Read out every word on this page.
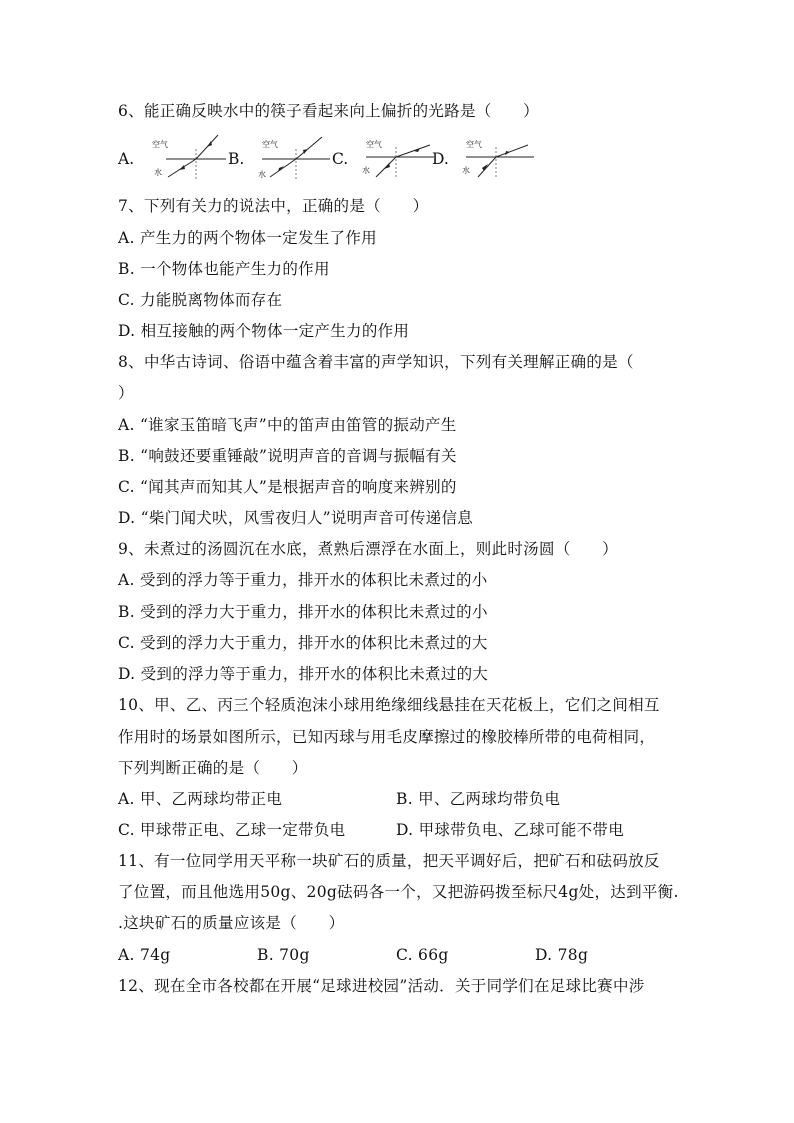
6、能正确反映水中的筷子看起来向上偏折的光路是（　　）
A.
空气
水
B.
空气
水
C.
空气
水
D.
空气
水
7、下列有关力的说法中，正确的是（　　）
A. 产生力的两个物体一定发生了作用
B. 一个物体也能产生力的作用
C. 力能脱离物体而存在
D. 相互接触的两个物体一定产生力的作用
8、中华古诗词、俗语中蕴含着丰富的声学知识，下列有关理解正确的是（
）
A. “谁家玉笛暗飞声”中的笛声由笛管的振动产生
B. “响鼓还要重锤敲”说明声音的音调与振幅有关
C. “闻其声而知其人”是根据声音的响度来辨别的
D. “柴门闻犬吠，风雪夜归人”说明声音可传递信息
9、未煮过的汤圆沉在水底，煮熟后漂浮在水面上，则此时汤圆（　　）
A. 受到的浮力等于重力，排开水的体积比未煮过的小
B. 受到的浮力大于重力，排开水的体积比未煮过的小
C. 受到的浮力大于重力，排开水的体积比未煮过的大
D. 受到的浮力等于重力，排开水的体积比未煮过的大
10、甲、乙、丙三个轻质泡沫小球用绝缘细线悬挂在天花板上，它们之间相互
作用时的场景如图所示，已知丙球与用毛皮摩擦过的橡胶棒所带的电荷相同，
下列判断正确的是（　　）
A. 甲、乙两球均带正电	B. 甲、乙两球均带负电
C. 甲球带正电、乙球一定带负电	D. 甲球带负电、乙球可能不带电
11、有一位同学用天平称一块矿石的质量，把天平调好后，把矿石和砝码放反
了位置，而且他选用50g、20g砝码各一个，又把游码拨至标尺4g处，达到平衡.
.这块矿石的质量应该是（　　）
A. 74g	B. 70g	C. 66g	D. 78g
12、现在全市各校都在开展“足球进校园”活动．关于同学们在足球比赛中涉
